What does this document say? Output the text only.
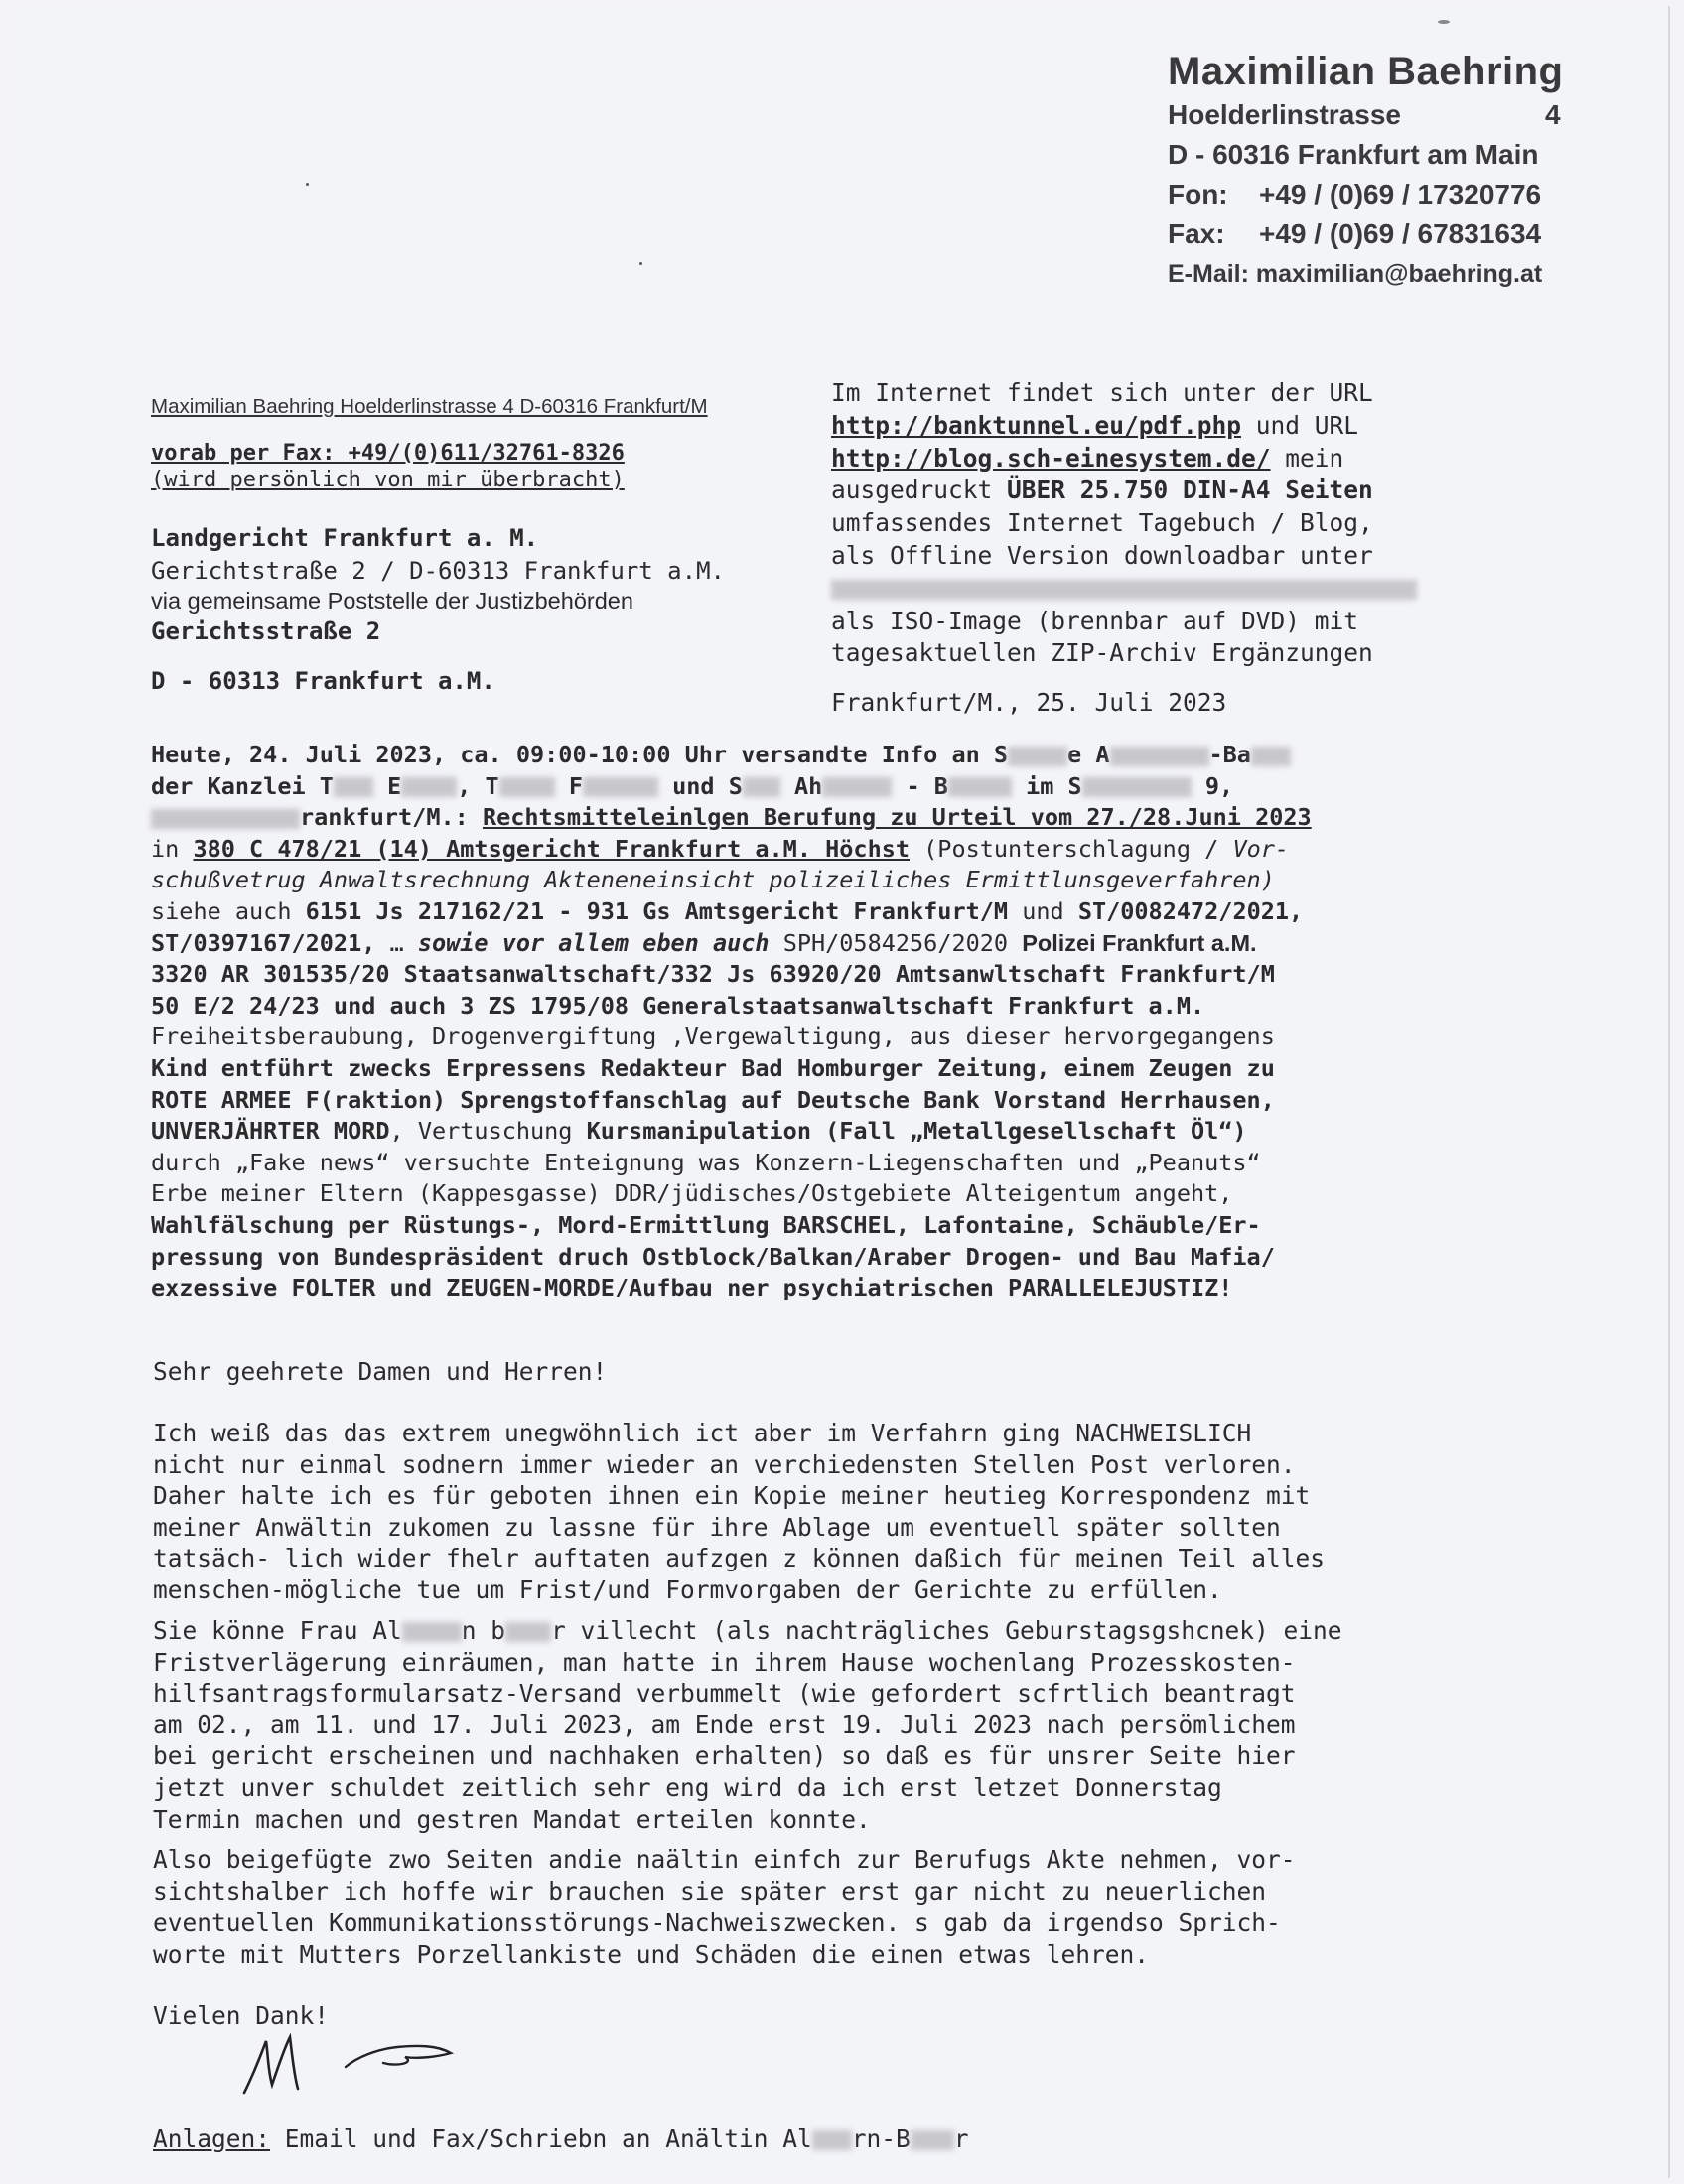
Maximilian Baehring
Hoelderlinstrasse	4
D - 60316 Frankfurt am Main
Fon:	+49 / (0)69 / 17320776
Fax:	+49 / (0)69 / 67831634
E-Mail: maximilian@baehring.at
Maximilian Baehring Hoelderlinstrasse 4 D-60316 Frankfurt/M
vorab per Fax: +49/(0)611/32761-8326
(wird persönlich von mir überbracht)
Landgericht Frankfurt a. M.
Gerichtstraße 2 / D-60313 Frankfurt a.M.
via gemeinsame Poststelle der Justizbehörden
Gerichtsstraße 2
D - 60313 Frankfurt a.M.
Im Internet findet sich unter der URL
http://banktunnel.eu/pdf.php und URL
http://blog.sch-einesystem.de/ mein
ausgedruckt ÜBER 25.750 DIN-A4 Seiten
umfassendes Internet Tagebuch / Blog,
als Offline Version downloadbar unter
als ISO-Image (brennbar auf DVD) mit
tagesaktuellen ZIP-Archiv Ergänzungen
Frankfurt/M., 25. Juli 2023
Heute, 24. Juli 2023, ca. 09:00-10:00 Uhr versandte Info an S	e A	-Ba
der Kanzlei T E , T F	und S Ah	- B	im S	9,
rankfurt/M.: Rechtsmitteleinlgen Berufung zu Urteil vom 27./28.Juni 2023
in 380 C 478/21 (14) Amtsgericht Frankfurt a.M. Höchst (Postunterschlagung / Vor-
schußvetrug Anwaltsrechnung Akteneneinsicht polizeiliches Ermittlunsgeverfahren)
siehe auch 6151 Js 217162/21 - 931 Gs Amtsgericht Frankfurt/M und ST/0082472/2021,
ST/0397167/2021, … sowie vor allem eben auch SPH/0584256/2020 Polizei Frankfurt a.M.
3320 AR 301535/20 Staatsanwaltschaft/332 Js 63920/20 Amtsanwltschaft Frankfurt/M
50 E/2 24/23 und auch 3 ZS 1795/08 Generalstaatsanwaltschaft Frankfurt a.M.
Freiheitsberaubung, Drogenvergiftung ,Vergewaltigung, aus dieser hervorgegangens
Kind entführt zwecks Erpressens Redakteur Bad Homburger Zeitung, einem Zeugen zu
ROTE ARMEE F(raktion) Sprengstoffanschlag auf Deutsche Bank Vorstand Herrhausen,
UNVERJÄHRTER MORD, Vertuschung Kursmanipulation (Fall „Metallgesellschaft Öl“)
durch „Fake news“ versuchte Enteignung was Konzern-Liegenschaften und „Peanuts“
Erbe meiner Eltern (Kappesgasse) DDR/jüdisches/Ostgebiete Alteigentum angeht,
Wahlfälschung per Rüstungs-, Mord-Ermittlung BARSCHEL, Lafontaine, Schäuble/Er-
pressung von Bundespräsident druch Ostblock/Balkan/Araber Drogen- und Bau Mafia/
exzessive FOLTER und ZEUGEN-MORDE/Aufbau ner psychiatrischen PARALLELEJUSTIZ!
Sehr geehrete Damen und Herren!
Ich weiß das das extrem unegwöhnlich ict aber im Verfahrn ging NACHWEISLICH
nicht nur einmal sodnern immer wieder an verchiedensten Stellen Post verloren.
Daher halte ich es für geboten ihnen ein Kopie meiner heutieg Korrespondenz mit
meiner Anwältin zukomen zu lassne für ihre Ablage um eventuell später sollten
tatsäch- lich wider fhelr auftaten aufzgen z können daßich für meinen Teil alles
menschen-mögliche tue um Frist/und Formvorgaben der Gerichte zu erfüllen.
Sie könne Frau Al n b r villecht (als nachträgliches Geburstagsgshcnek) eine
Fristverlägerung einräumen, man hatte in ihrem Hause wochenlang Prozesskosten-
hilfsantragsformularsatz-Versand verbummelt (wie gefordert scfrtlich beantragt
am 02., am 11. und 17. Juli 2023, am Ende erst 19. Juli 2023 nach persömlichem
bei gericht erscheinen und nachhaken erhalten) so daß es für unsrer Seite hier
jetzt unver schuldet zeitlich sehr eng wird da ich erst letzet Donnerstag
Termin machen und gestren Mandat erteilen konnte.
Also beigefügte zwo Seiten andie naältin einfch zur Berufugs Akte nehmen, vor-
sichtshalber ich hoffe wir brauchen sie später erst gar nicht zu neuerlichen
eventuellen Kommunikationsstörungs-Nachweiszwecken. s gab da irgendso Sprich-
worte mit Mutters Porzellankiste und Schäden die einen etwas lehren.
Vielen Dank!
Anlagen: Email und Fax/Schriebn an Anältin Al rn-B r
